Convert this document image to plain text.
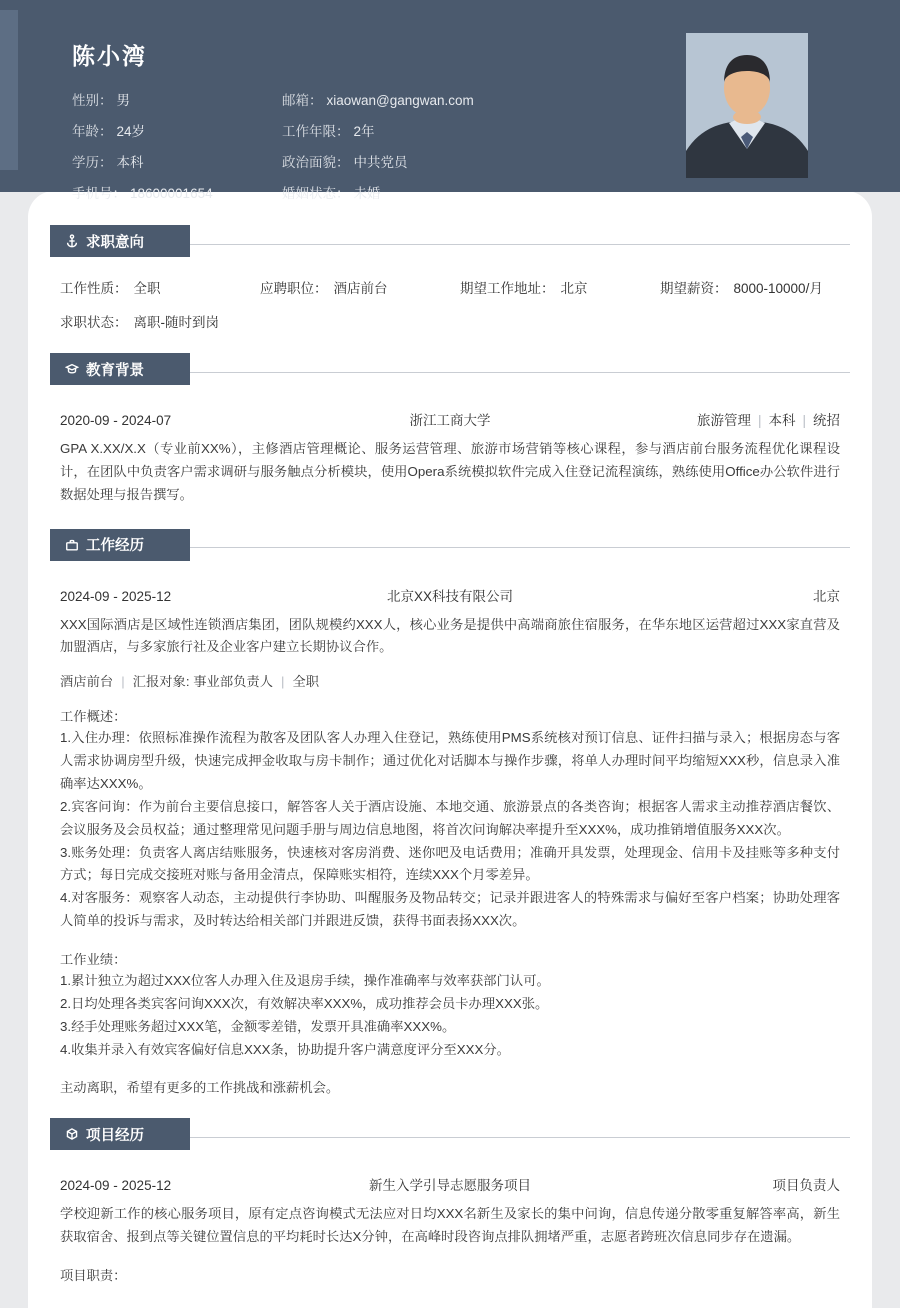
陈小湾
性别： 男	邮箱： xiaowan@gangwan.com
年龄： 24岁	工作年限： 2年
学历： 本科	政治面貌： 中共党员
手机号： 18600001654	婚姻状态： 未婚
求职意向
工作性质： 全职	应聘职位： 酒店前台	期望工作地址： 北京	期望薪资： 8000-10000/月
求职状态： 离职-随时到岗
教育背景
2020-09 - 2024-07	浙江工商大学	旅游管理 | 本科 | 统招
GPA X.XX/X.X（专业前XX%），主修酒店管理概论、服务运营管理、旅游市场营销等核心课程，参与酒店前台服务流程优化课程设计，在团队中负责客户需求调研与服务触点分析模块，使用Opera系统模拟软件完成入住登记流程演练，熟练使用Office办公软件进行数据处理与报告撰写。
工作经历
2024-09 - 2025-12	北京XX科技有限公司	北京
XXX国际酒店是区域性连锁酒店集团，团队规模约XXX人，核心业务是提供中高端商旅住宿服务，在华东地区运营超过XXX家直营及加盟酒店，与多家旅行社及企业客户建立长期协议合作。
酒店前台 | 汇报对象: 事业部负责人 | 全职
工作概述：
1.入住办理：依照标准操作流程为散客及团队客人办理入住登记，熟练使用PMS系统核对预订信息、证件扫描与录入；根据房态与客人需求协调房型升级，快速完成押金收取与房卡制作；通过优化对话脚本与操作步骤，将单人办理时间平均缩短XXX秒，信息录入准确率达XXX%。
2.宾客问询：作为前台主要信息接口，解答客人关于酒店设施、本地交通、旅游景点的各类咨询；根据客人需求主动推荐酒店餐饮、会议服务及会员权益；通过整理常见问题手册与周边信息地图，将首次问询解决率提升至XXX%，成功推销增值服务XXX次。
3.账务处理：负责客人离店结账服务，快速核对客房消费、迷你吧及电话费用；准确开具发票，处理现金、信用卡及挂账等多种支付方式；每日完成交接班对账与备用金清点，保障账实相符，连续XXX个月零差异。
4.对客服务：观察客人动态，主动提供行李协助、叫醒服务及物品转交；记录并跟进客人的特殊需求与偏好至客户档案；协助处理客人简单的投诉与需求，及时转达给相关部门并跟进反馈，获得书面表扬XXX次。
工作业绩：
1.累计独立为超过XXX位客人办理入住及退房手续，操作准确率与效率获部门认可。
2.日均处理各类宾客问询XXX次，有效解决率XXX%，成功推荐会员卡办理XXX张。
3.经手处理账务超过XXX笔，金额零差错，发票开具准确率XXX%。
4.收集并录入有效宾客偏好信息XXX条，协助提升客户满意度评分至XXX分。
主动离职，希望有更多的工作挑战和涨薪机会。
项目经历
2024-09 - 2025-12	新生入学引导志愿服务项目	项目负责人
学校迎新工作的核心服务项目，原有定点咨询模式无法应对日均XXX名新生及家长的集中问询，信息传递分散零重复解答率高，新生获取宿舍、报到点等关键位置信息的平均耗时长达X分钟，在高峰时段咨询点排队拥堵严重，志愿者跨班次信息同步存在遗漏。
项目职责：
